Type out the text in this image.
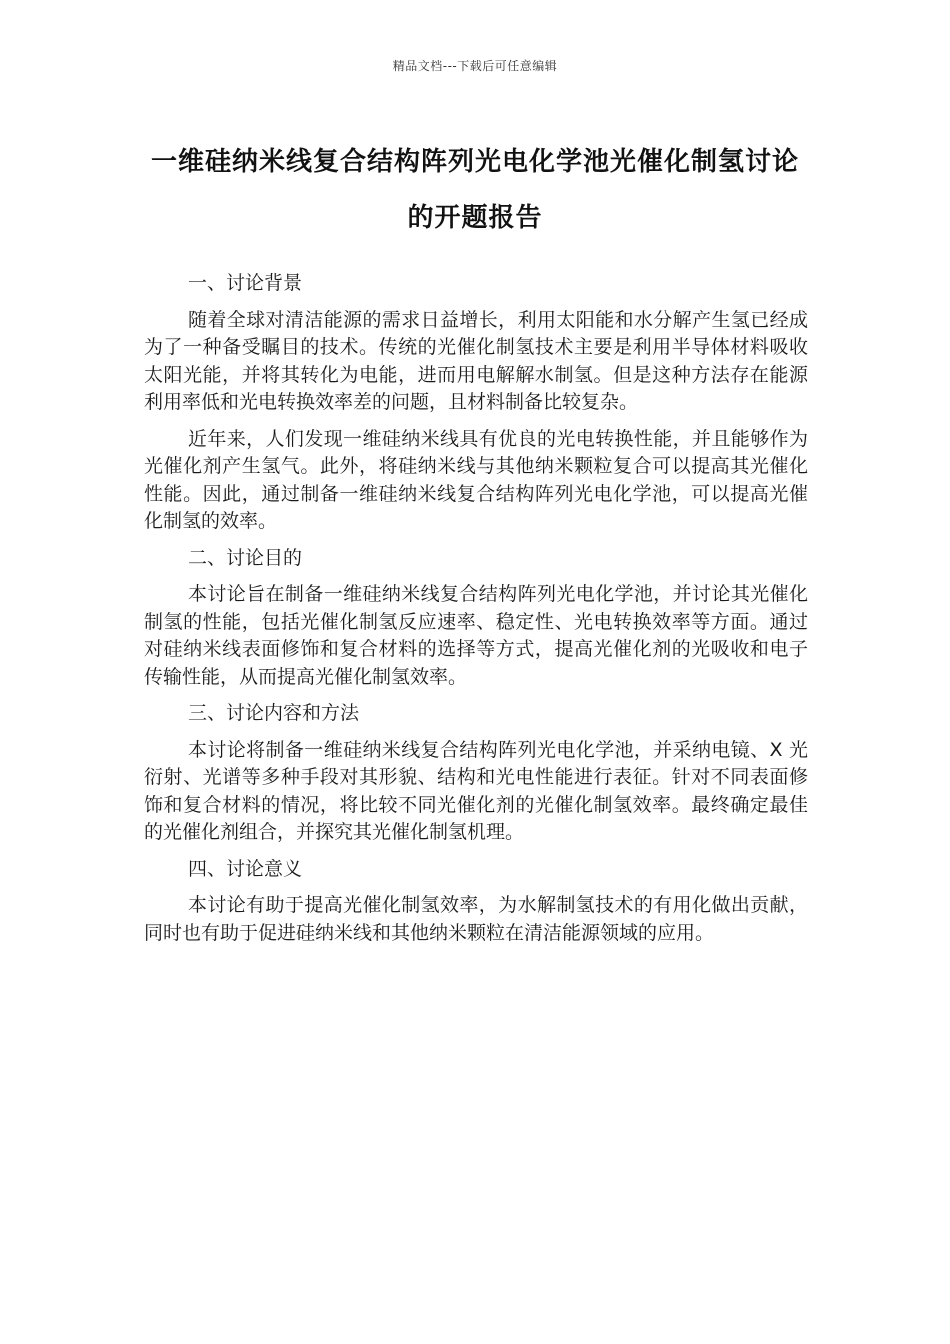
精品文档---下载后可任意编辑
一维硅纳米线复合结构阵列光电化学池光催化制氢讨论的开题报告

一、讨论背景

随着全球对清洁能源的需求日益增长，利用太阳能和水分解产生氢已经成为了一种备受瞩目的技术。传统的光催化制氢技术主要是利用半导体材料吸收太阳光能，并将其转化为电能，进而用电解解水制氢。但是这种方法存在能源利用率低和光电转换效率差的问题，且材料制备比较复杂。

近年来，人们发现一维硅纳米线具有优良的光电转换性能，并且能够作为光催化剂产生氢气。此外，将硅纳米线与其他纳米颗粒复合可以提高其光催化性能。因此，通过制备一维硅纳米线复合结构阵列光电化学池，可以提高光催化制氢的效率。

二、讨论目的

本讨论旨在制备一维硅纳米线复合结构阵列光电化学池，并讨论其光催化制氢的性能，包括光催化制氢反应速率、稳定性、光电转换效率等方面。通过对硅纳米线表面修饰和复合材料的选择等方式，提高光催化剂的光吸收和电子传输性能，从而提高光催化制氢效率。

三、讨论内容和方法

本讨论将制备一维硅纳米线复合结构阵列光电化学池，并采纳电镜、X 光衍射、光谱等多种手段对其形貌、结构和光电性能进行表征。针对不同表面修饰和复合材料的情况，将比较不同光催化剂的光催化制氢效率。最终确定最佳的光催化剂组合，并探究其光催化制氢机理。

四、讨论意义

本讨论有助于提高光催化制氢效率，为水解制氢技术的有用化做出贡献，同时也有助于促进硅纳米线和其他纳米颗粒在清洁能源领域的应用。
